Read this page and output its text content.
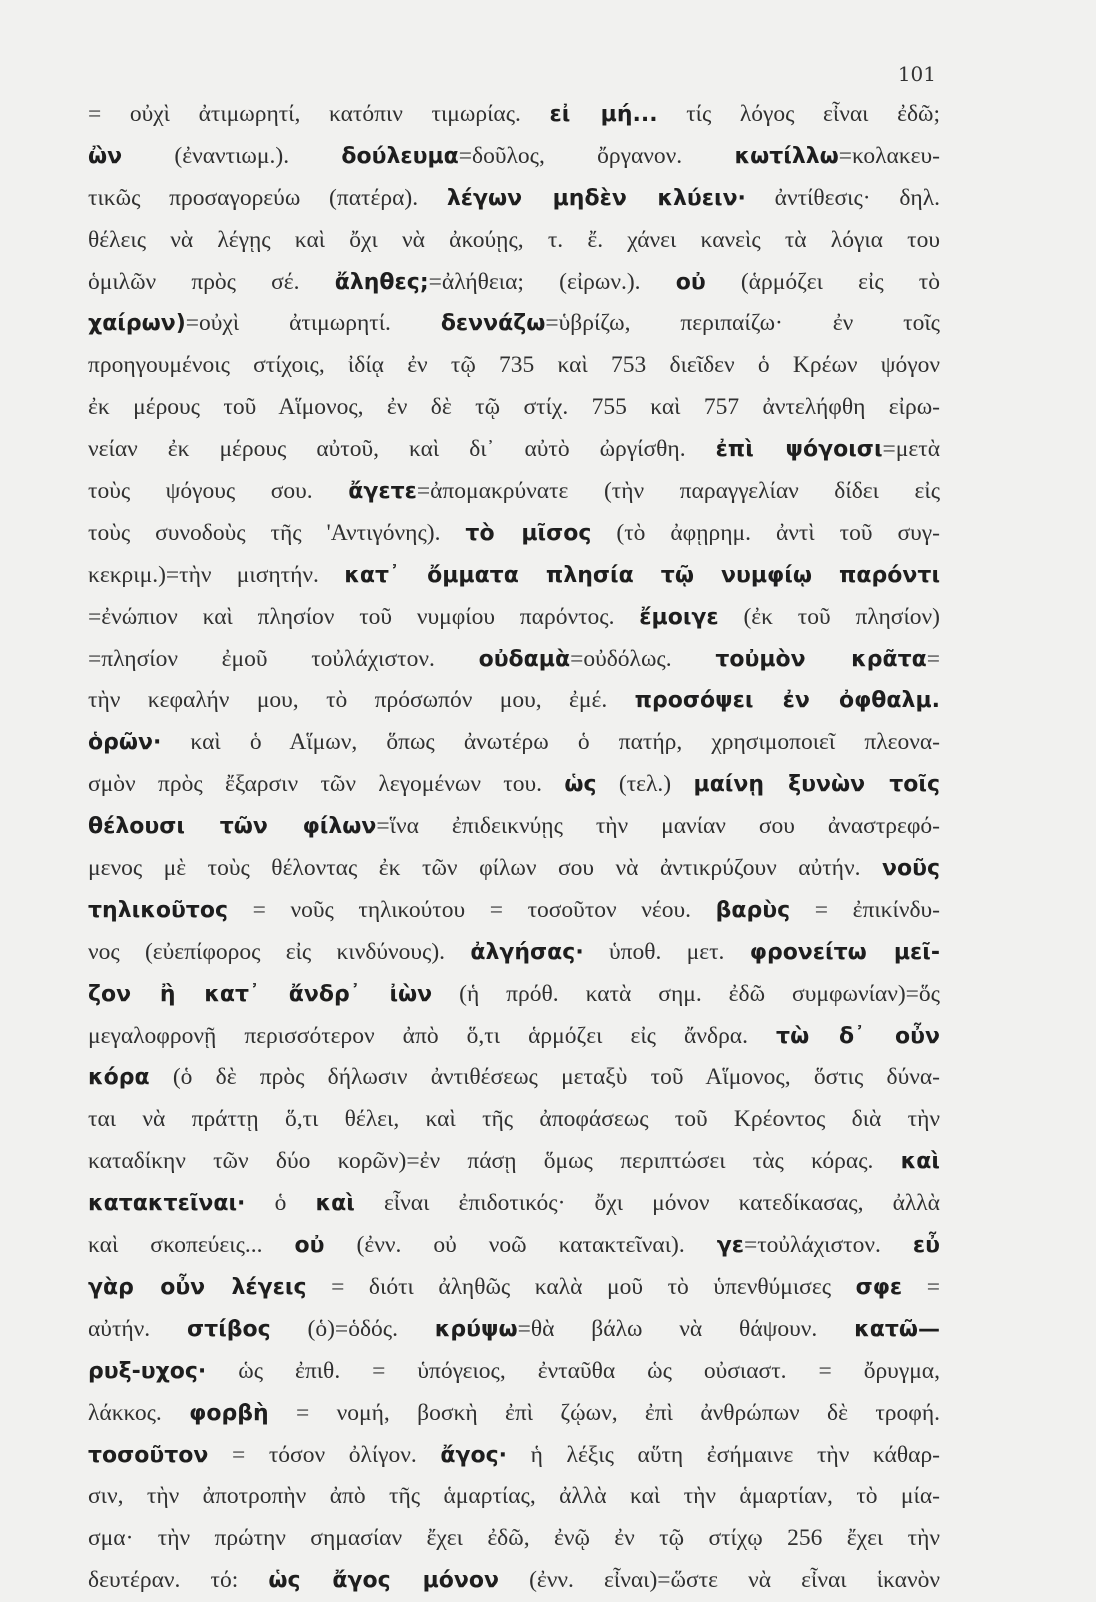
101
= οὐχὶ ἀτιμωρητί, κατόπιν τιμωρίας. εἰ μή... τίς λόγος εἶναι ἐδῶ;
ὢν (ἐναντιωμ.). δούλευμα=δοῦλος, ὄργανον. κωτίλλω=κολακευ-
τικῶς προσαγορεύω (πατέρα). λέγων μηδὲν κλύειν· ἀντίθεσις· δηλ.
θέλεις νὰ λέγῃς καὶ ὄχι νὰ ἀκούῃς, τ. ἔ. χάνει κανεὶς τὰ λόγια του
ὁμιλῶν πρὸς σέ. ἄληθες;=ἀλήθεια; (εἰρων.). οὐ (ἁρμόζει εἰς τὸ
χαίρων)=οὐχὶ ἀτιμωρητί. δεννάζω=ὑβρίζω, περιπαίζω· ἐν τοῖς
προηγουμένοις στίχοις, ἰδίᾳ ἐν τῷ 735 καὶ 753 διεῖδεν ὁ Κρέων ψόγον
ἐκ μέρους τοῦ Αἵμονος, ἐν δὲ τῷ στίχ. 755 καὶ 757 ἀντελήφθη εἰρω-
νείαν ἐκ μέρους αὐτοῦ, καὶ δι᾽ αὐτὸ ὠργίσθη. ἐπὶ ψόγοισι=μετὰ
τοὺς ψόγους σου. ἄγετε=ἀπομακρύνατε (τὴν παραγγελίαν δίδει εἰς
τοὺς συνοδοὺς τῆς 'Αντιγόνης). τὸ μῖσος (τὸ ἀφῃρημ. ἀντὶ τοῦ συγ-
κεκριμ.)=τὴν μισητήν. κατ᾽ ὄμματα πλησία τῷ νυμφίῳ παρόντι
=ἐνώπιον καὶ πλησίον τοῦ νυμφίου παρόντος. ἔμοιγε (ἐκ τοῦ πλησίον)
=πλησίον ἐμοῦ τοὐλάχιστον. οὐδαμὰ=οὐδόλως. τοὐμὸν κρᾶτα=
τὴν κεφαλήν μου, τὸ πρόσωπόν μου, ἐμέ. προσόψει ἐν ὀφθαλμ.
ὁρῶν· καὶ ὁ Αἵμων, ὅπως ἀνωτέρω ὁ πατήρ, χρησιμοποιεῖ πλεονα-
σμὸν πρὸς ἔξαρσιν τῶν λεγομένων του. ὡς (τελ.) μαίνῃ ξυνὼν τοῖς
θέλουσι τῶν φίλων=ἵνα ἐπιδεικνύῃς τὴν μανίαν σου ἀναστρεφό-
μενος μὲ τοὺς θέλοντας ἐκ τῶν φίλων σου νὰ ἀντικρύζουν αὐτήν. νοῦς
τηλικοῦτος = νοῦς τηλικούτου = τοσοῦτον νέου. βαρὺς = ἐπικίνδυ-
νος (εὐεπίφορος εἰς κινδύνους). ἀλγήσας· ὑποθ. μετ. φρονείτω μεῖ-
ζον ἢ κατ᾽ ἄνδρ᾽ ἰὼν (ἡ πρόθ. κατὰ σημ. ἐδῶ συμφωνίαν)=ὅς
μεγαλοφρονῇ περισσότερον ἀπὸ ὅ,τι ἁρμόζει εἰς ἄνδρα. τὼ δ᾽ οὖν
κόρα (ὁ δὲ πρὸς δήλωσιν ἀντιθέσεως μεταξὺ τοῦ Αἵμονος, ὅστις δύνα-
ται νὰ πράττῃ ὅ,τι θέλει, καὶ τῆς ἀποφάσεως τοῦ Κρέοντος διὰ τὴν
καταδίκην τῶν δύο κορῶν)=ἐν πάσῃ ὅμως περιπτώσει τὰς κόρας. καὶ
κατακτεῖναι· ὁ καὶ εἶναι ἐπιδοτικός· ὄχι μόνον κατεδίκασας, ἀλλὰ
καὶ σκοπεύεις... οὐ (ἐνν. οὐ νοῶ κατακτεῖναι). γε=τοὐλάχιστον. εὖ
γὰρ οὖν λέγεις = διότι ἀληθῶς καλὰ μοῦ τὸ ὑπενθύμισες σφε =
αὐτήν. στίβος (ὁ)=ὁδός. κρύψω=θὰ βάλω νὰ θάψουν. κατῶ—
ρυξ-υχος· ὡς ἐπιθ. = ὑπόγειος, ἐνταῦθα ὡς οὐσιαστ. = ὄρυγμα,
λάκκος. φορβὴ = νομή, βοσκὴ ἐπὶ ζῴων, ἐπὶ ἀνθρώπων δὲ τροφή.
τοσοῦτον = τόσον ὀλίγον. ἄγος· ἡ λέξις αὕτη ἐσήμαινε τὴν κάθαρ-
σιν, τὴν ἀποτροπὴν ἀπὸ τῆς ἁμαρτίας, ἀλλὰ καὶ τὴν ἁμαρτίαν, τὸ μία-
σμα· τὴν πρώτην σημασίαν ἔχει ἐδῶ, ἐνῷ ἐν τῷ στίχῳ 256 ἔχει τὴν
δευτέραν. τό: ὡς ἄγος μόνον (ἐνν. εἶναι)=ὥστε νὰ εἶναι ἱκανὸν
